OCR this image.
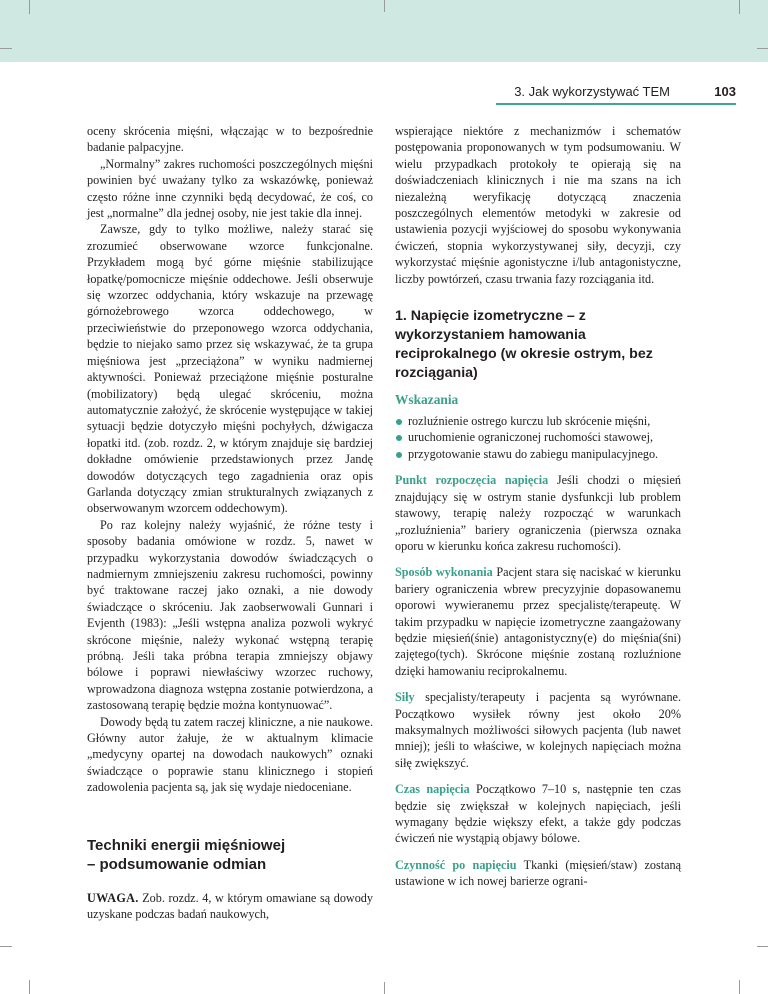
3. Jak wykorzystywać TEM	103

oceny skrócenia mięśni, włączając w to bezpośrednie badanie palpacyjne.

„Normalny” zakres ruchomości poszczególnych mięśni powinien być uważany tylko za wskazówkę, ponieważ często różne inne czynniki będą decydować, że coś, co jest „normalne” dla jednej osoby, nie jest takie dla innej.

Zawsze, gdy to tylko możliwe, należy starać się zrozumieć obserwowane wzorce funkcjonalne. Przykładem mogą być górne mięśnie stabilizujące łopatkę/pomocnicze mięśnie oddechowe. Jeśli obserwuje się wzorzec oddychania, który wskazuje na przewagę górnożebrowego wzorca oddechowego, w przeciwieństwie do przeponowego wzorca oddychania, będzie to niejako samo przez się wskazywać, że ta grupa mięśniowa jest „przeciążona” w wyniku nadmiernej aktywności. Ponieważ przeciążone mięśnie posturalne (mobilizatory) będą ulegać skróceniu, można automatycznie założyć, że skrócenie występujące w takiej sytuacji będzie dotyczyło mięśni pochyłych, dźwigacza łopatki itd. (zob. rozdz. 2, w którym znajduje się bardziej dokładne omówienie przedstawionych przez Jandę dowodów dotyczących tego zagadnienia oraz opis Garlanda dotyczący zmian strukturalnych związanych z obserwowanym wzorcem oddechowym).

Po raz kolejny należy wyjaśnić, że różne testy i sposoby badania omówione w rozdz. 5, nawet w przypadku wykorzystania dowodów świadczących o nadmiernym zmniejszeniu zakresu ruchomości, powinny być traktowane raczej jako oznaki, a nie dowody świadczące o skróceniu. Jak zaobserwowali Gunnari i Evjenth (1983): „Jeśli wstępna analiza pozwoli wykryć skrócone mięśnie, należy wykonać wstępną terapię próbną. Jeśli taka próbna terapia zmniejszy objawy bólowe i poprawi niewłaściwy wzorzec ruchowy, wprowadzona diagnoza wstępna zostanie potwierdzona, a zastosowaną terapię będzie można kontynuować”.

Dowody będą tu zatem raczej kliniczne, a nie naukowe. Główny autor żałuje, że w aktualnym klimacie „medycyny opartej na dowodach naukowych” oznaki świadczące o poprawie stanu klinicznego i stopień zadowolenia pacjenta są, jak się wydaje niedoceniane.

Techniki energii mięśniowej
– podsumowanie odmian

UWAGA. Zob. rozdz. 4, w którym omawiane są dowody uzyskane podczas badań naukowych,

wspierające niektóre z mechanizmów i schematów postępowania proponowanych w tym podsumowaniu. W wielu przypadkach protokoły te opierają się na doświadczeniach klinicznych i nie ma szans na ich niezależną weryfikację dotyczącą znaczenia poszczególnych elementów metodyki w zakresie od ustawienia pozycji wyjściowej do sposobu wykonywania ćwiczeń, stopnia wykorzystywanej siły, decyzji, czy wykorzystać mięśnie agonistyczne i/lub antagonistyczne, liczby powtórzeń, czasu trwania fazy rozciągania itd.

1. Napięcie izometryczne – z wykorzystaniem hamowania reciprokalnego (w okresie ostrym, bez rozciągania)
Wskazania
rozluźnienie ostrego kurczu lub skrócenie mięśni,
uruchomienie ograniczonej ruchomości stawowej,
przygotowanie stawu do zabiegu manipulacyjnego.

Punkt rozpoczęcia napięcia Jeśli chodzi o mięsień znajdujący się w ostrym stanie dysfunkcji lub problem stawowy, terapię należy rozpocząć w warunkach „rozluźnienia” bariery ograniczenia (pierwsza oznaka oporu w kierunku końca zakresu ruchomości).

Sposób wykonania Pacjent stara się naciskać w kierunku bariery ograniczenia wbrew precyzyjnie dopasowanemu oporowi wywieranemu przez specjalistę/terapeutę. W takim przypadku w napięcie izometryczne zaangażowany będzie mięsień(śnie) antagonistyczny(e) do mięśnia(śni) zajętego(tych). Skrócone mięśnie zostaną rozluźnione dzięki hamowaniu reciprokalnemu.

Siły specjalisty/terapeuty i pacjenta są wyrównane. Początkowo wysiłek równy jest około 20% maksymalnych możliwości siłowych pacjenta (lub nawet mniej); jeśli to właściwe, w kolejnych napięciach można siłę zwiększyć.

Czas napięcia Początkowo 7–10 s, następnie ten czas będzie się zwiększał w kolejnych napięciach, jeśli wymagany będzie większy efekt, a także gdy podczas ćwiczeń nie wystąpią objawy bólowe.

Czynność po napięciu Tkanki (mięsień/staw) zostaną ustawione w ich nowej barierze ograni-
